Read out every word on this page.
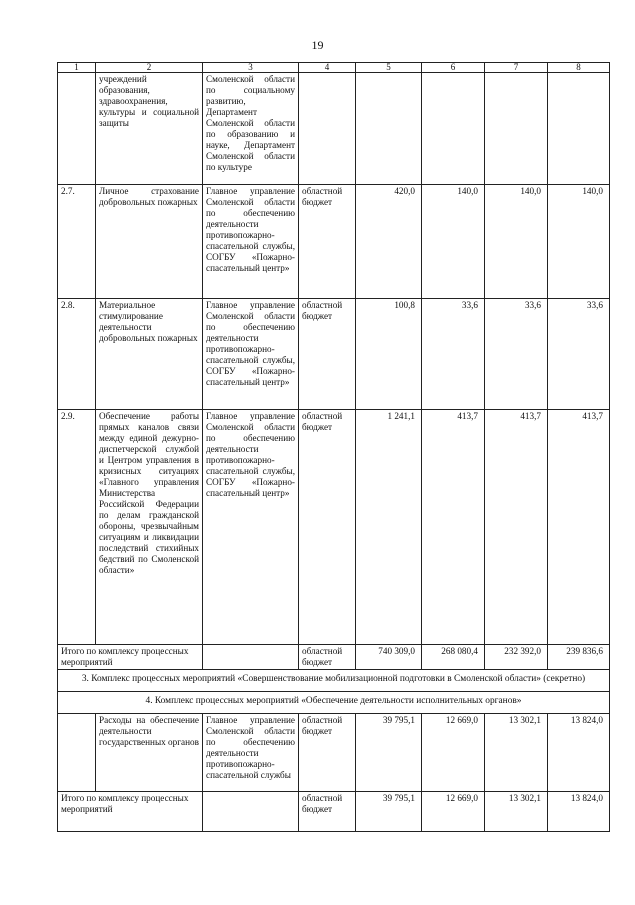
19
1	2	3	4	5	6	7	8
	учреждений образования, здравоохранения, культуры и социальной защиты	Смоленской области по социальному развитию, Департамент Смоленской области по образованию и науке, Департамент Смоленской области по культуре					
2.7.	Личное страхование добровольных пожарных	Главное управление Смоленской области по обеспечению деятельности противопожарно-спасательной службы, СОГБУ «Пожарно-спасательный центр»	областной бюджет	420,0	140,0	140,0	140,0
2.8.	Материальное стимулирование деятельности добровольных пожарных	Главное управление Смоленской области по обеспечению деятельности противопожарно-спасательной службы, СОГБУ «Пожарно-спасательный центр»	областной бюджет	100,8	33,6	33,6	33,6
2.9.	Обеспечение работы прямых каналов связи между единой дежурно-диспетчерской службой и Центром управления в кризисных ситуациях «Главного управления Министерства Российской Федерации по делам гражданской обороны, чрезвычайным ситуациям и ликвидации последствий стихийных бедствий по Смоленской области»	Главное управление Смоленской области по обеспечению деятельности противопожарно-спасательной службы, СОГБУ «Пожарно-спасательный центр»	областной бюджет	1 241,1	413,7	413,7	413,7
Итого по комплексу процессных мероприятий			областной бюджет	740 309,0	268 080,4	232 392,0	239 836,6
3. Комплекс процессных мероприятий «Совершенствование мобилизационной подготовки в Смоленской области» (секретно)							
4. Комплекс процессных мероприятий «Обеспечение деятельности исполнительных органов»							
	Расходы на обеспечение деятельности государственных органов	Главное управление Смоленской области по обеспечению деятельности противопожарно-спасательной службы	областной бюджет	39 795,1	12 669,0	13 302,1	13 824,0
Итого по комплексу процессных мероприятий			областной бюджет	39 795,1	12 669,0	13 302,1	13 824,0
